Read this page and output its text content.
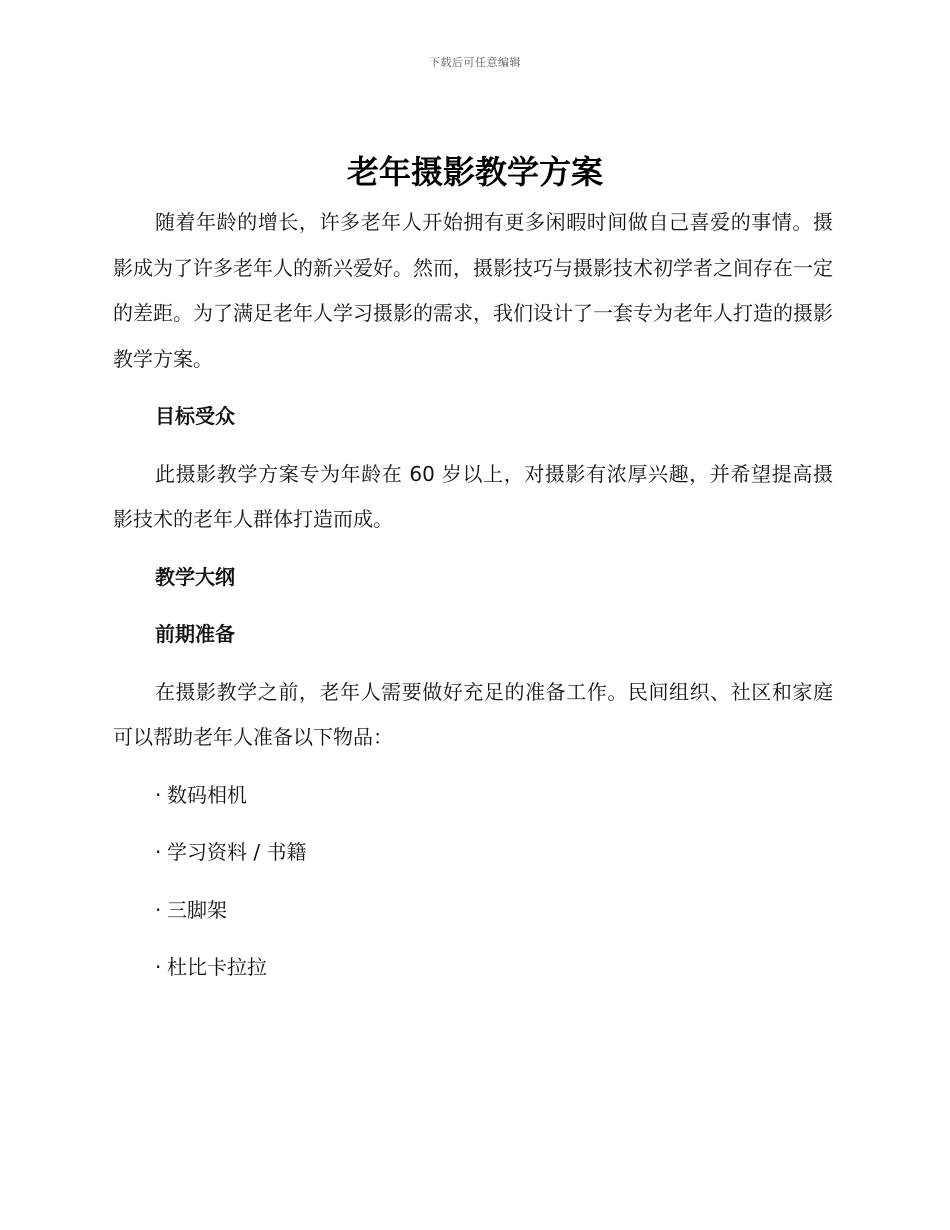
下载后可任意编辑
老年摄影教学方案

随着年龄的增长，许多老年人开始拥有更多闲暇时间做自己喜爱的事情。摄影成为了许多老年人的新兴爱好。然而，摄影技巧与摄影技术初学者之间存在一定的差距。为了满足老年人学习摄影的需求，我们设计了一套专为老年人打造的摄影教学方案。

目标受众

此摄影教学方案专为年龄在 60 岁以上，对摄影有浓厚兴趣，并希望提高摄影技术的老年人群体打造而成。

教学大纲
前期准备

在摄影教学之前，老年人需要做好充足的准备工作。民间组织、社区和家庭可以帮助老年人准备以下物品：

· 数码相机
· 学习资料 / 书籍
· 三脚架
· 杜比卡拉拉
